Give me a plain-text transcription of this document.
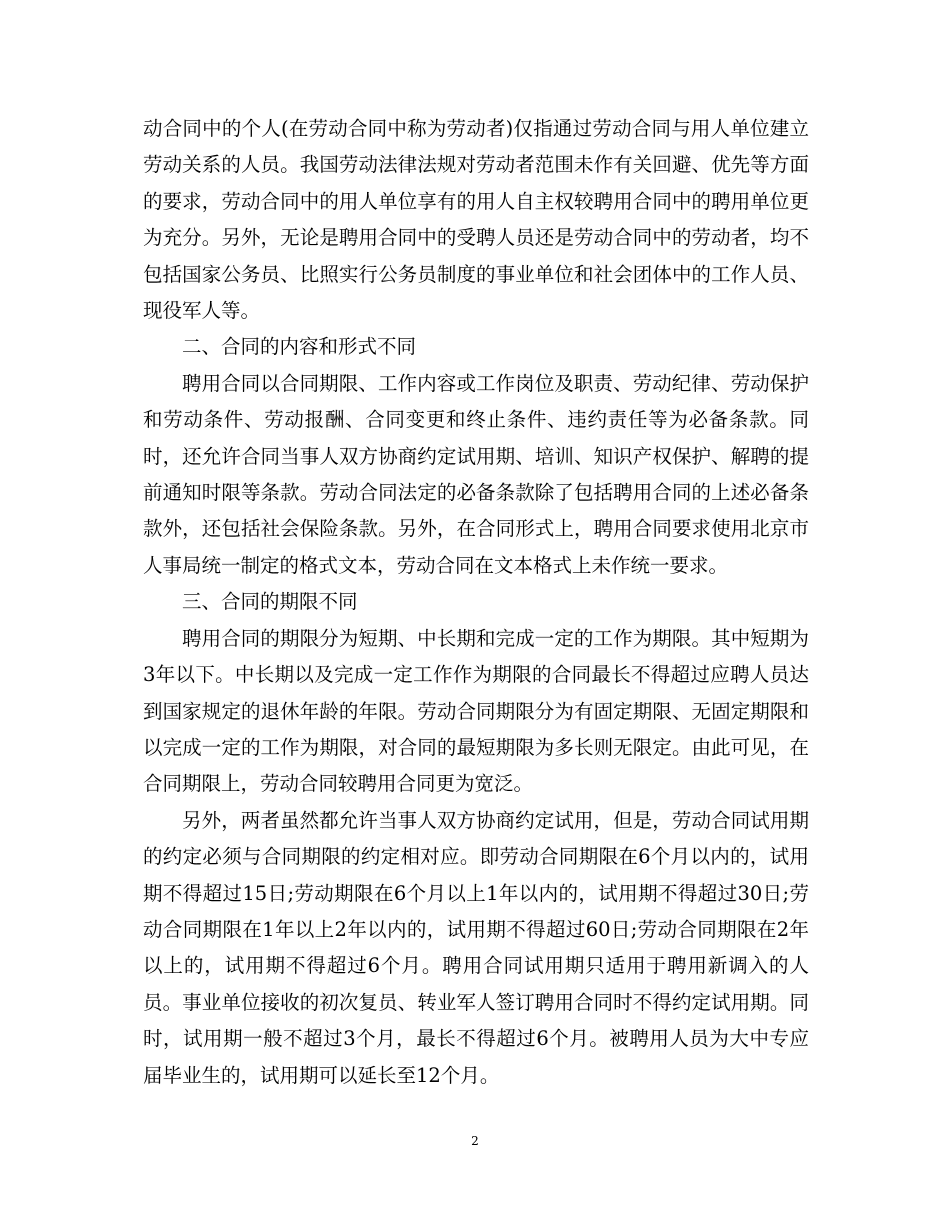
动合同中的个人(在劳动合同中称为劳动者)仅指通过劳动合同与用人单位建立劳动关系的人员。我国劳动法律法规对劳动者范围未作有关回避、优先等方面的要求，劳动合同中的用人单位享有的用人自主权较聘用合同中的聘用单位更为充分。另外，无论是聘用合同中的受聘人员还是劳动合同中的劳动者，均不包括国家公务员、比照实行公务员制度的事业单位和社会团体中的工作人员、现役军人等。

二、合同的内容和形式不同

聘用合同以合同期限、工作内容或工作岗位及职责、劳动纪律、劳动保护和劳动条件、劳动报酬、合同变更和终止条件、违约责任等为必备条款。同时，还允许合同当事人双方协商约定试用期、培训、知识产权保护、解聘的提前通知时限等条款。劳动合同法定的必备条款除了包括聘用合同的上述必备条款外，还包括社会保险条款。另外，在合同形式上，聘用合同要求使用北京市人事局统一制定的格式文本，劳动合同在文本格式上未作统一要求。

三、合同的期限不同

聘用合同的期限分为短期、中长期和完成一定的工作为期限。其中短期为3年以下。中长期以及完成一定工作作为期限的合同最长不得超过应聘人员达到国家规定的退休年龄的年限。劳动合同期限分为有固定期限、无固定期限和以完成一定的工作为期限，对合同的最短期限为多长则无限定。由此可见，在合同期限上，劳动合同较聘用合同更为宽泛。

另外，两者虽然都允许当事人双方协商约定试用，但是，劳动合同试用期的约定必须与合同期限的约定相对应。即劳动合同期限在6个月以内的，试用期不得超过15日;劳动期限在6个月以上1年以内的，试用期不得超过30日;劳动合同期限在1年以上2年以内的，试用期不得超过60日;劳动合同期限在2年以上的，试用期不得超过6个月。聘用合同试用期只适用于聘用新调入的人员。事业单位接收的初次复员、转业军人签订聘用合同时不得约定试用期。同时，试用期一般不超过3个月，最长不得超过6个月。被聘用人员为大中专应届毕业生的，试用期可以延长至12个月。

2
